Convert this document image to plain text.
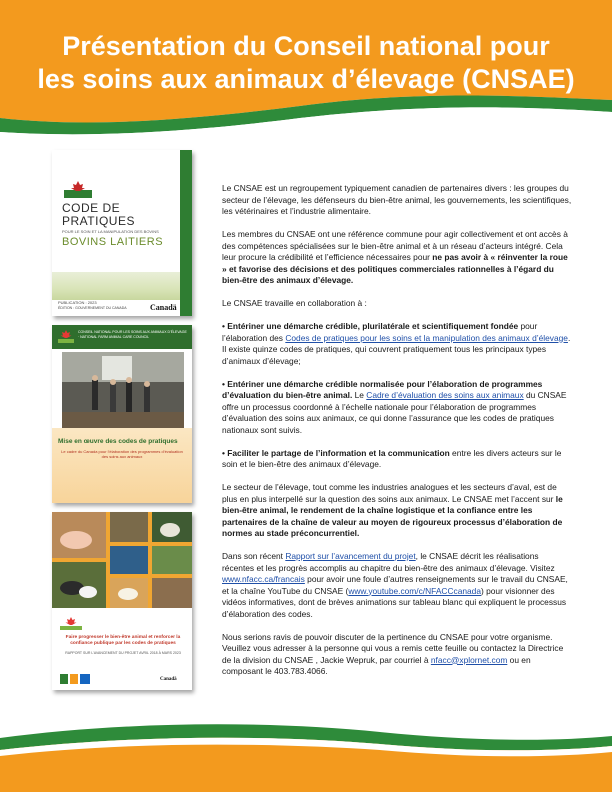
Présentation du Conseil national pour
les soins aux animaux d’élevage (CNSAE)
CODE DE
PRATIQUES
POUR LE SOIN ET LA MANIPULATION DES BOVINS
BOVINS LAITIERS
PUBLICATION : 2023
ÉDITION : GOUVERNEMENT DU CANADA	Canadä
CONSEIL NATIONAL POUR LES SOINS AUX ANIMAUX D'ÉLEVAGE · NATIONAL FARM ANIMAL CARE COUNCIL
Mise en œuvre des codes de pratiques
Le cadre du Canada pour l’élaboration des programmes d’évaluation des soins aux animaux
Faire progresser le bien-être animal et renforcer la confiance publique par les codes de pratiques
RAPPORT SUR L’AVANCEMENT DU PROJET AVRIL 2018 À MARS 2023
Canadä

Le CNSAE est un regroupement typiquement canadien de partenaires divers : les groupes du secteur de l’élevage, les défenseurs du bien-être animal, les gouvernements, les scientifiques, les vétérinaires et l’industrie alimentaire.

Les membres du CNSAE ont une référence commune pour agir collectivement et ont accès à des compétences spécialisées sur le bien-être animal et à un réseau d’acteurs intégré. Cela leur procure la crédibilité et l’efficience nécessaires pour ne pas avoir à « réinventer la roue » et favorise des décisions et des politiques commerciales rationnelles à l’égard du bien-être des animaux d’élevage.

Le CNSAE travaille en collaboration à :

• Entériner une démarche crédible, plurilatérale et scientifiquement fondée pour l’élaboration des Codes de pratiques pour les soins et la manipulation des animaux d’élevage. Il existe quinze codes de pratiques, qui couvrent pratiquement tous les principaux types d’animaux d’élevage;

• Entériner une démarche crédible normalisée pour l’élaboration de programmes d’évaluation du bien-être animal. Le Cadre d’évaluation des soins aux animaux du CNSAE offre un processus coordonné à l’échelle nationale pour l’élaboration de programmes d’évaluation des soins aux animaux, ce qui donne l’assurance que les codes de pratiques nationaux sont suivis.

• Faciliter le partage de l’information et la communication entre les divers acteurs sur le soin et le bien-être des animaux d’élevage.

Le secteur de l’élevage, tout comme les industries analogues et les secteurs d’aval, est de plus en plus interpellé sur la question des soins aux animaux. Le CNSAE met l’accent sur le bien-être animal, le rendement de la chaîne logistique et la confiance entre les partenaires de la chaîne de valeur au moyen de rigoureux processus d’élaboration de normes au stade préconcurrentiel.

Dans son récent Rapport sur l’avancement du projet, le CNSAE décrit les réalisations récentes et les progrès accomplis au chapitre du bien-être des animaux d’élevage. Visitez www.nfacc.ca/francais pour avoir une foule d’autres renseignements sur le travail du CNSAE, et la chaîne YouTube du CNSAE (www.youtube.com/c/NFACCcanada) pour visionner des vidéos informatives, dont de brèves animations sur tableau blanc qui expliquent le processus d’élaboration des codes.

Nous serions ravis de pouvoir discuter de la pertinence du CNSAE pour votre organisme. Veuillez vous adresser à la personne qui vous a remis cette feuille ou contactez la Directrice de la division du CNSAE , Jackie Wepruk, par courriel à nfacc@xplornet.com ou en composant le 403.783.4066.
